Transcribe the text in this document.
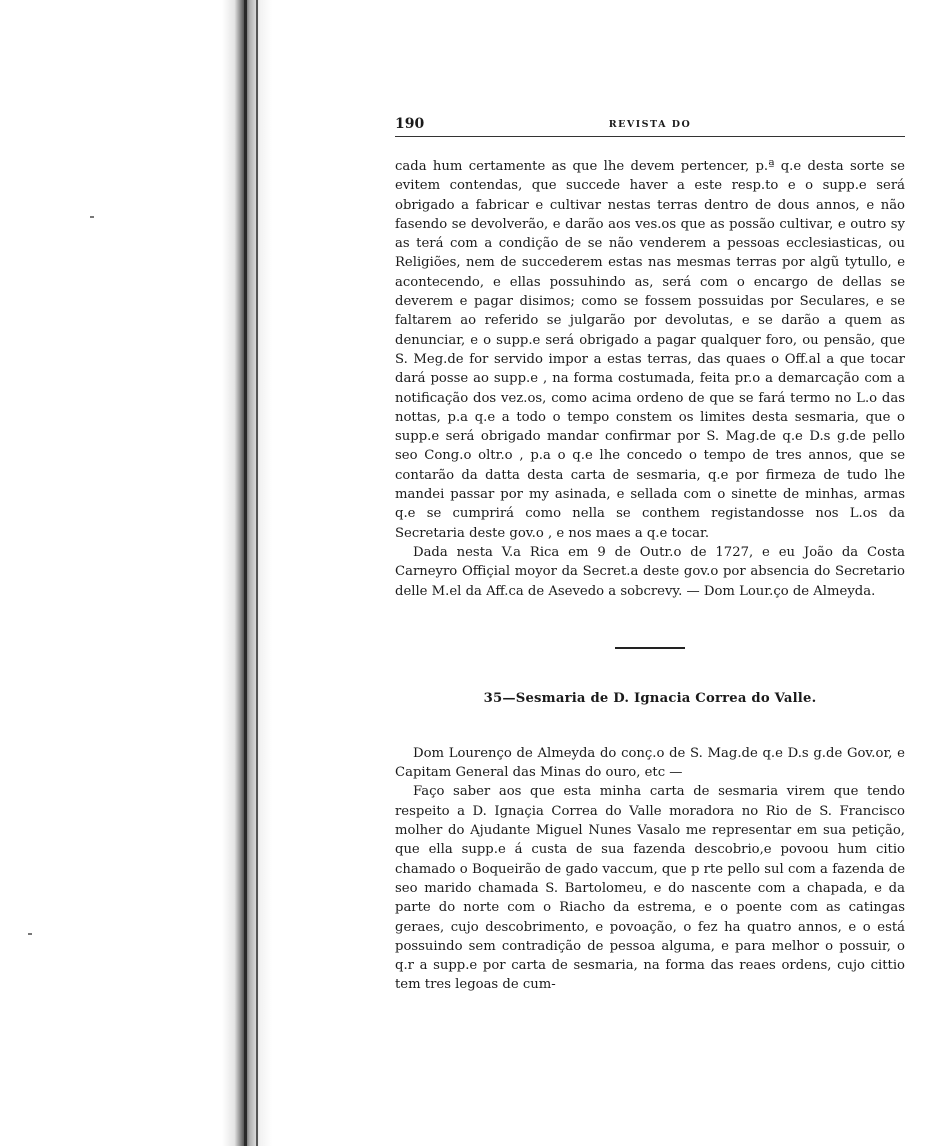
190	REVISTA DO

cada hum certamente as que lhe devem pertencer, p.ª q.e desta sorte se evitem contendas, que succede haver a este resp.to e o supp.e será obrigado a fabricar e cultivar nestas terras dentro de dous annos, e não fasendo se devolverão, e darão aos ves.os que as possão cultivar, e outro sy as terá com a condição de se não venderem a pessoas ecclesiasticas, ou Religiões, nem de succederem estas nas mesmas terras por algũ tytullo, e acontecendo, e ellas possuhindo as, será com o encargo de dellas se deverem e pagar disimos; como se fossem possuidas por Seculares, e se faltarem ao referido se julgarão por devolutas, e se darão a quem as denunciar, e o supp.e será obrigado a pagar qualquer foro, ou pensão, que S. Meg.de for servido impor a estas terras, das quaes o Off.al a que tocar dará posse ao supp.e , na forma costumada, feita pr.o a demarcação com a notificação dos vez.os, como acima ordeno de que se fará termo no L.o das nottas, p.a q.e a todo o tempo constem os limites desta sesmaria, que o supp.e será obrigado mandar confirmar por S. Mag.de q.e D.s g.de pello seo Cong.o oltr.o , p.a o q.e lhe concedo o tempo de tres annos, que se contarão da datta desta carta de sesmaria, q.e por firmeza de tudo lhe mandei passar por my asinada, e sellada com o sinette de minhas, armas q.e se cumprirá como nella se conthem registandosse nos L.os da Secretaria deste gov.o , e nos maes a q.e tocar.

Dada nesta V.a Rica em 9 de Outr.o de 1727, e eu João da Costa Carneyro Offiçial moyor da Secret.a deste gov.o por absencia do Secretario delle M.el da Aff.ca de Asevedo a sobcrevy. — Dom Lour.ço de Almeyda.

35—Sesmaria de D. Ignacia Correa do Valle.

Dom Lourenço de Almeyda do conç.o de S. Mag.de q.e D.s g.de Gov.or, e Capitam General das Minas do ouro, etc —

Faço saber aos que esta minha carta de sesmaria virem que tendo respeito a D. Ignaçia Correa do Valle moradora no Rio de S. Francisco molher do Ajudante Miguel Nunes Vasalo me representar em sua petição, que ella supp.e á custa de sua fazenda descobrio,e povoou hum citio chamado o Boqueirão de gado vaccum, que p rte pello sul com a fazenda de seo marido chamada S. Bartolomeu, e do nascente com a chapada, e da parte do norte com o Riacho da estrema, e o poente com as catingas geraes, cujo descobrimento, e povoação, o fez ha quatro annos, e o está possuindo sem contradição de pessoa alguma, e para melhor o possuir, o q.r a supp.e por carta de sesmaria, na forma das reaes ordens, cujo cittio tem tres legoas de cum-
